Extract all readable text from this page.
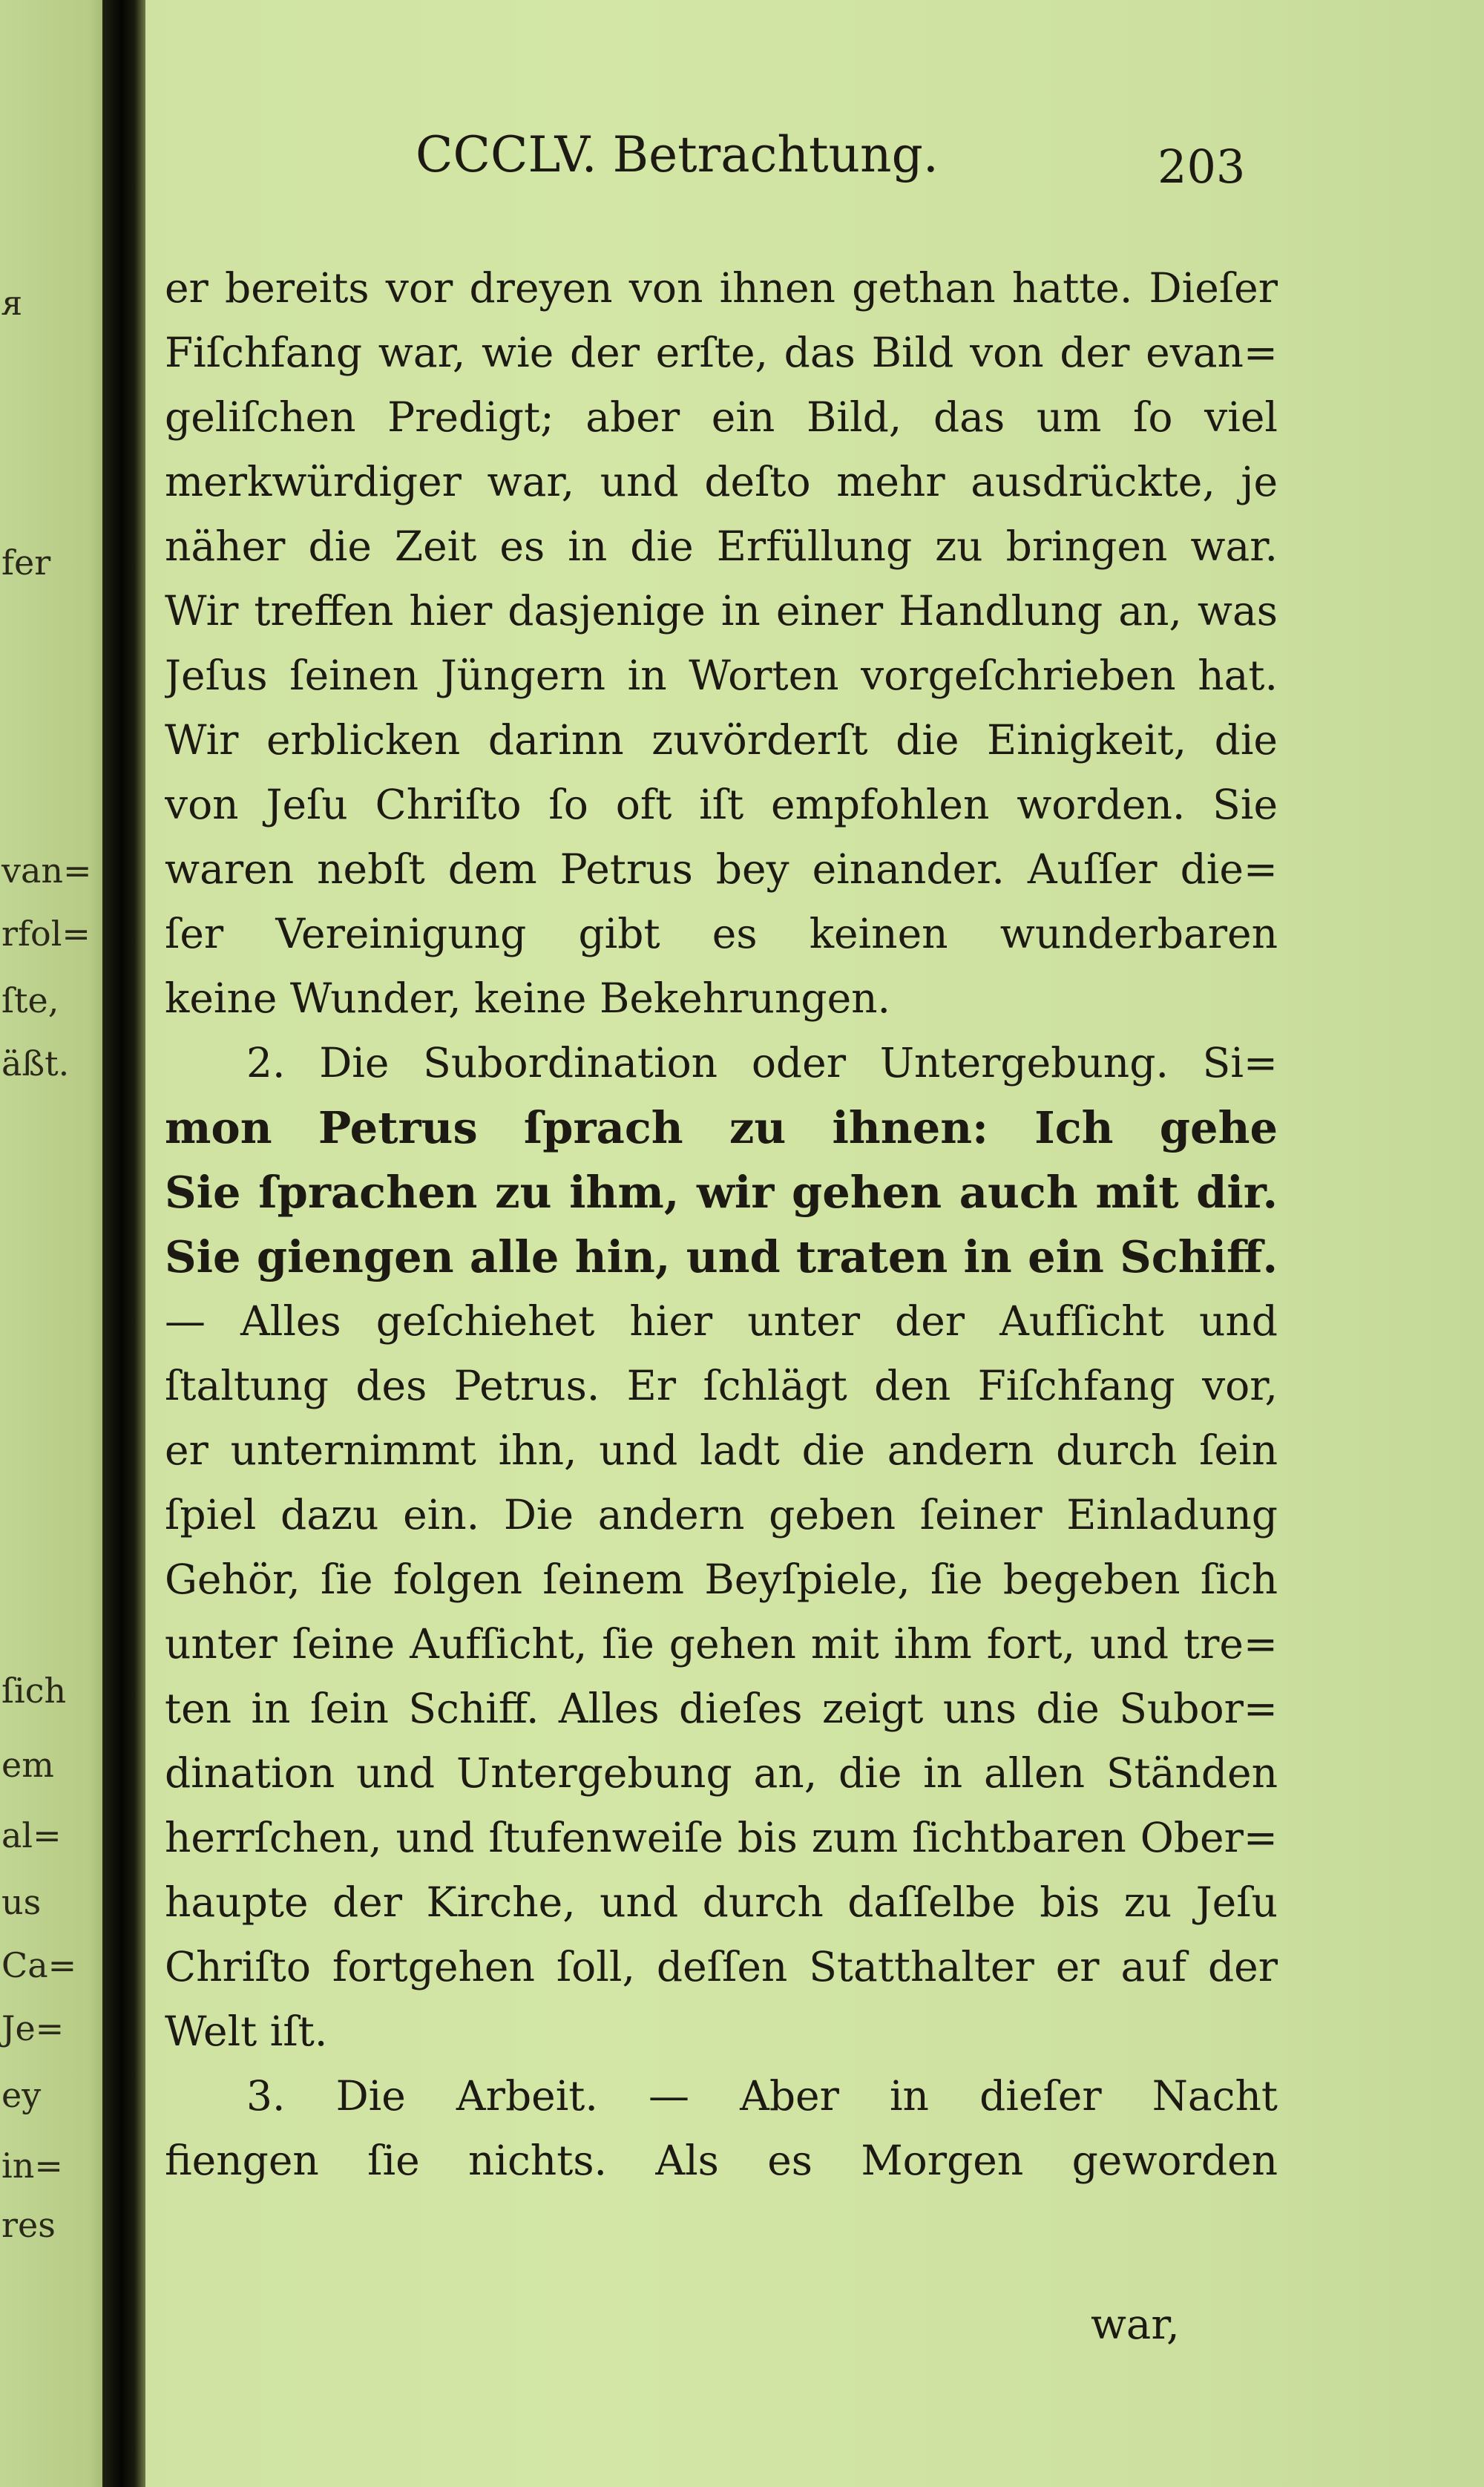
ᴙ
fer
van=
rfol=
ſte,
äßt.
ſich
em
al=
us
Ca=
Je=
ey
in=
res
CCCLV. Betrachtung.	203
er bereits vor dreyen von ihnen gethan hatte. Dieſer
Fiſchfang war, wie der erſte, das Bild von der evan=
geliſchen Predigt; aber ein Bild, das um ſo viel
merkwürdiger war, und deſto mehr ausdrückte, je
näher die Zeit es in die Erfüllung zu bringen war.
Wir treffen hier dasjenige in einer Handlung an, was
Jeſus ſeinen Jüngern in Worten vorgeſchrieben hat.
Wir erblicken darinn zuvörderſt die Einigkeit, die
von Jeſu Chriſto ſo oft iſt empfohlen worden. Sie
waren nebſt dem Petrus bey einander. Auſſer die=
ſer Vereinigung gibt es keinen wunderbaren
keine Wunder, keine Bekehrungen.
2. Die Subordination oder Untergebung. Si=
mon Petrus ſprach zu ihnen: Ich gehe
Sie ſprachen zu ihm, wir gehen auch mit dir.
Sie giengen alle hin, und traten in ein Schiff.
— Alles geſchiehet hier unter der Aufſicht und
ſtaltung des Petrus. Er ſchlägt den Fiſchfang vor,
er unternimmt ihn, und ladt die andern durch ſein
ſpiel dazu ein. Die andern geben ſeiner Einladung
Gehör, ſie folgen ſeinem Beyſpiele, ſie begeben ſich
unter ſeine Aufſicht, ſie gehen mit ihm fort, und tre=
ten in ſein Schiff. Alles dieſes zeigt uns die Subor=
dination und Untergebung an, die in allen Ständen
herrſchen, und ſtufenweiſe bis zum ſichtbaren Ober=
haupte der Kirche, und durch daſſelbe bis zu Jeſu
Chriſto fortgehen ſoll, deſſen Statthalter er auf der
Welt iſt.
3. Die Arbeit. — Aber in dieſer Nacht
fiengen ſie nichts. Als es Morgen geworden
war,
